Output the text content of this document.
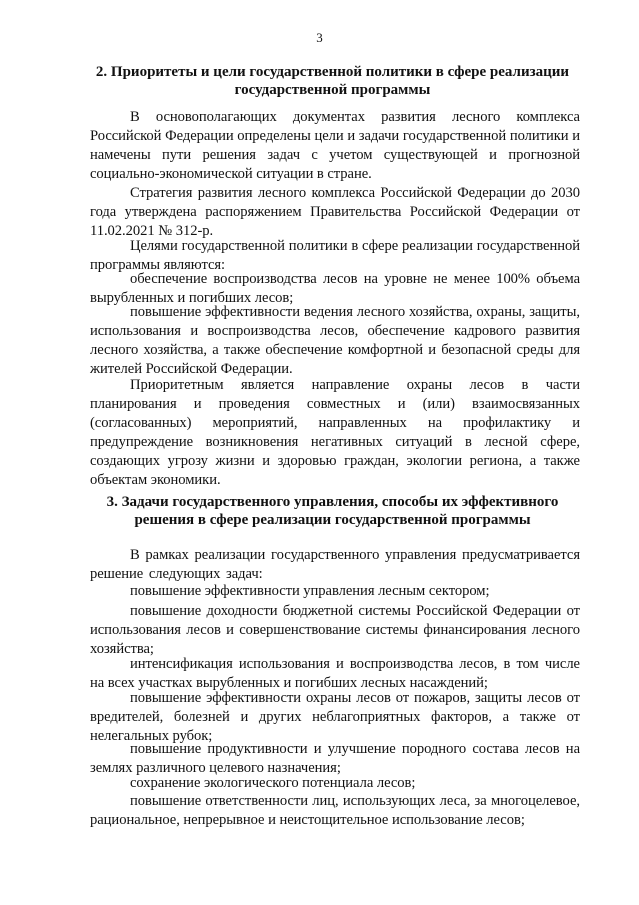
3
2. Приоритеты и цели государственной политики в сфере реализации
государственной программы

В основополагающих документах развития лесного комплекса Российской Федерации определены цели и задачи государственной политики и намечены пути решения задач с учетом существующей и прогнозной социально-экономической ситуации в стране.

Стратегия развития лесного комплекса Российской Федерации до 2030 года утверждена распоряжением Правительства Российской Федерации от 11.02.2021 № 312-р.

Целями государственной политики в сфере реализации государственной программы являются:

обеспечение воспроизводства лесов на уровне не менее 100% объема вырубленных и погибших лесов;

повышение эффективности ведения лесного хозяйства, охраны, защиты, использования и воспроизводства лесов, обеспечение кадрового развития лесного хозяйства, а также обеспечение комфортной и безопасной среды для жителей Российской Федерации.

Приоритетным является направление охраны лесов в части планирования и проведения совместных и (или) взаимосвязанных (согласованных) мероприятий, направленных на профилактику и предупреждение возникновения негативных ситуаций в лесной сфере, создающих угрозу жизни и здоровью граждан, экологии региона, а также объектам экономики.

3. Задачи государственного управления, способы их эффективного
решения в сфере реализации государственной программы

В рамках реализации государственного управления предусматривается решение следующих задач:

повышение эффективности управления лесным сектором;

повышение доходности бюджетной системы Российской Федерации от использования лесов и совершенствование системы финансирования лесного хозяйства;

интенсификация использования и воспроизводства лесов, в том числе на всех участках вырубленных и погибших лесных насаждений;

повышение эффективности охраны лесов от пожаров, защиты лесов от вредителей, болезней и других неблагоприятных факторов, а также от нелегальных рубок;

повышение продуктивности и улучшение породного состава лесов на землях различного целевого назначения;

сохранение экологического потенциала лесов;

повышение ответственности лиц, использующих леса, за многоцелевое, рациональное, непрерывное и неистощительное использование лесов;
